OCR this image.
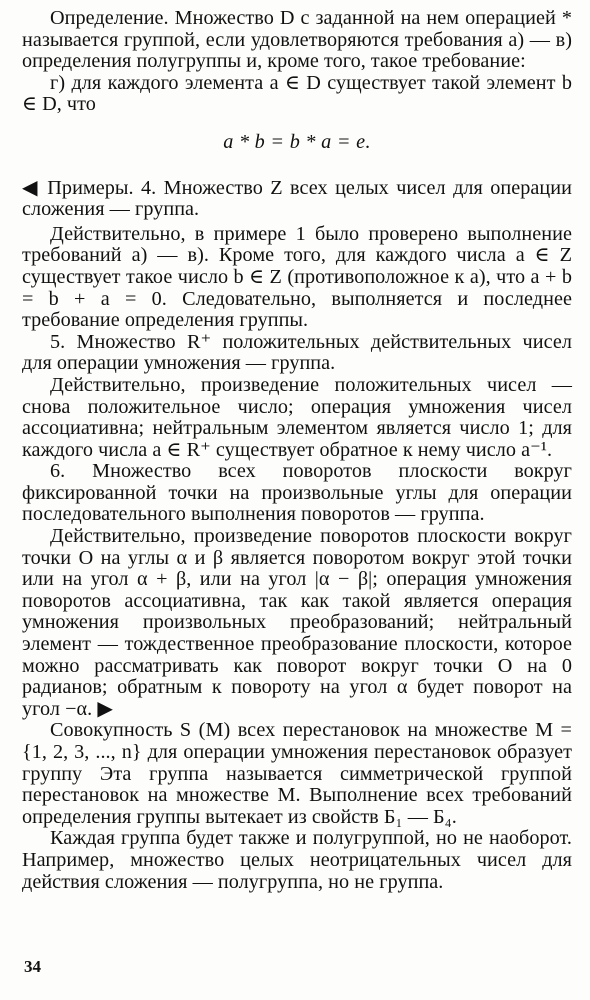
Определение. Множество D с заданной на нем операцией * называется группой, если удовлетворяются требования а) — в) определения полугруппы и, кроме того, такое требование:

г) для каждого элемента a ∈ D существует такой элемент b ∈ D, что

a * b = b * a = e.

◀ Примеры. 4. Множество Z всех целых чисел для операции сложения — группа.

Действительно, в примере 1 было проверено выполнение требований а) — в). Кроме того, для каждого числа a ∈ Z существует такое число b ∈ Z (противоположное к a), что a + b = b + a = 0. Следовательно, выполняется и последнее требование определения группы.

5. Множество R⁺ положительных действительных чисел для операции умножения — группа.

Действительно, произведение положительных чисел — снова положительное число; операция умножения чисел ассоциативна; нейтральным элементом является число 1; для каждого числа a ∈ R⁺ существует обратное к нему число a⁻¹.

6. Множество всех поворотов плоскости вокруг фиксированной точки на произвольные углы для операции последовательного выполнения поворотов — группа.

Действительно, произведение поворотов плоскости вокруг точки O на углы α и β является поворотом вокруг этой точки или на угол α + β, или на угол |α − β|; операция умножения поворотов ассоциативна, так как такой является операция умножения произвольных преобразований; нейтральный элемент — тождественное преобразование плоскости, которое можно рассматривать как поворот вокруг точки O на 0 радианов; обратным к повороту на угол α будет поворот на угол −α. ▶

Совокупность S (M) всех перестановок на множестве M = {1, 2, 3, ..., n} для операции умножения перестановок образует группу Эта группа называется симметрической группой перестановок на множестве M. Выполнение всех требований определения группы вытекает из свойств Б₁ — Б₄.

Каждая группа будет также и полугруппой, но не наоборот. Например, множество целых неотрицательных чисел для действия сложения — полугруппа, но не группа.

34
